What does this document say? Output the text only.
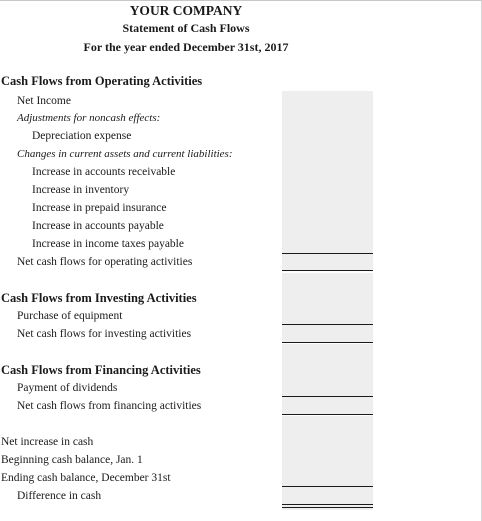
YOUR COMPANY
Statement of Cash Flows
For the year ended December 31st, 2017
Cash Flows from Operating Activities
Net Income
Adjustments for noncash effects:
Depreciation expense
Changes in current assets and current liabilities:
Increase in accounts receivable
Increase in inventory
Increase in prepaid insurance
Increase in accounts payable
Increase in income taxes payable
Net cash flows for operating activities
Cash Flows from Investing Activities
Purchase of equipment
Net cash flows for investing activities
Cash Flows from Financing Activities
Payment of dividends
Net cash flows from financing activities
Net increase in cash
Beginning cash balance, Jan. 1
Ending cash balance, December 31st
Difference in cash
